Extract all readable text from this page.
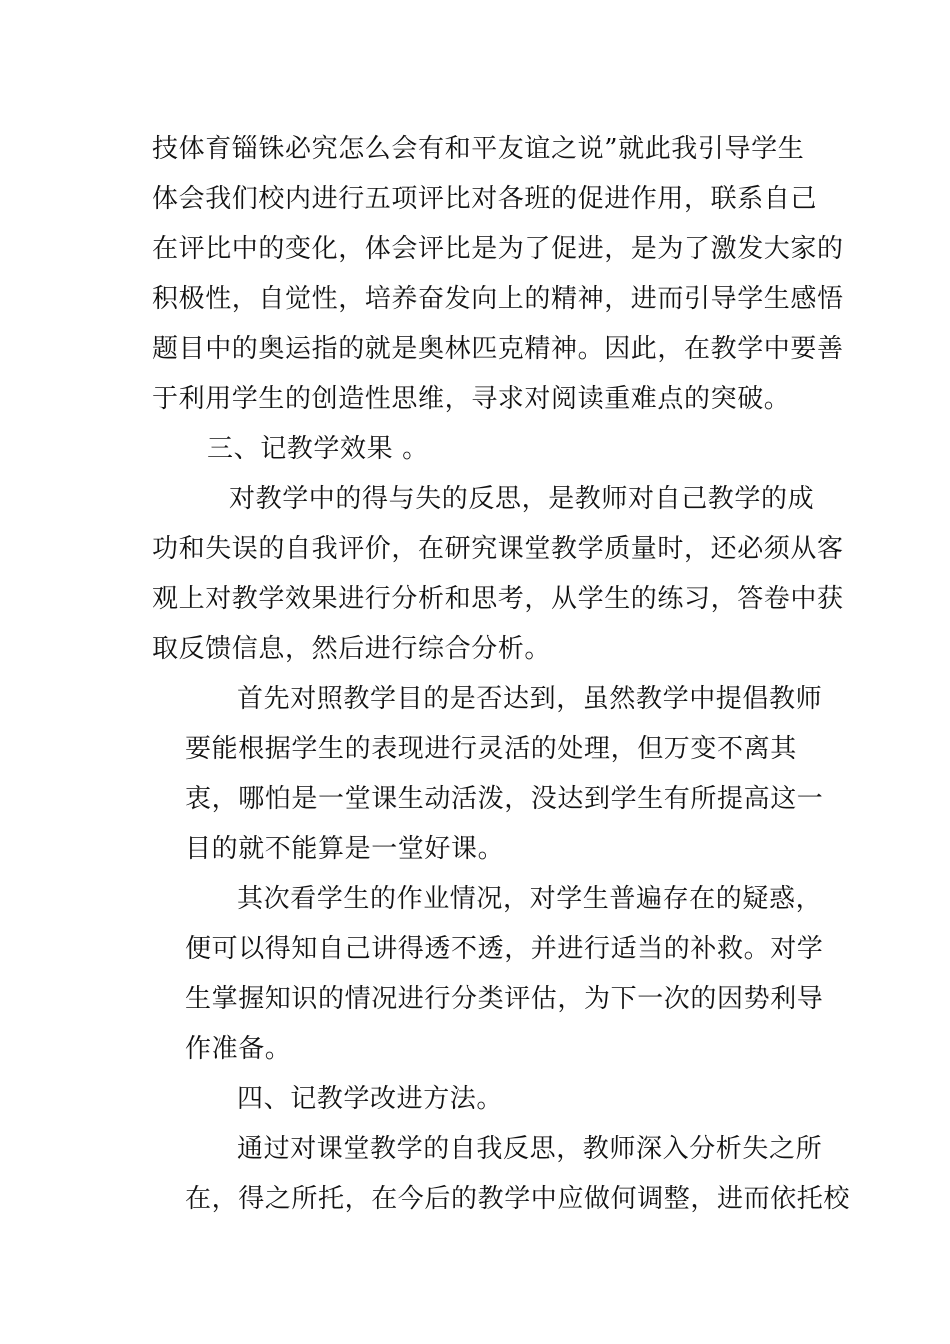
技体育锱铢必究怎么会有和平友谊之说”就此我引导学生
体会我们校内进行五项评比对各班的促进作用，联系自己
在评比中的变化，体会评比是为了促进，是为了激发大家的
积极性，自觉性，培养奋发向上的精神，进而引导学生感悟
题目中的奥运指的就是奥林匹克精神。因此，在教学中要善
于利用学生的创造性思维，寻求对阅读重难点的突破。
三、记教学效果 。
对教学中的得与失的反思，是教师对自己教学的成
功和失误的自我评价，在研究课堂教学质量时，还必须从客
观上对教学效果进行分析和思考，从学生的练习，答卷中获
取反馈信息，然后进行综合分析。
首先对照教学目的是否达到，虽然教学中提倡教师
要能根据学生的表现进行灵活的处理，但万变不离其
衷，哪怕是一堂课生动活泼，没达到学生有所提高这一
目的就不能算是一堂好课。
其次看学生的作业情况，对学生普遍存在的疑惑，
便可以得知自己讲得透不透，并进行适当的补救。对学
生掌握知识的情况进行分类评估，为下一次的因势利导
作准备。
四、记教学改进方法。
通过对课堂教学的自我反思，教师深入分析失之所
在，得之所托，在今后的教学中应做何调整，进而依托校
